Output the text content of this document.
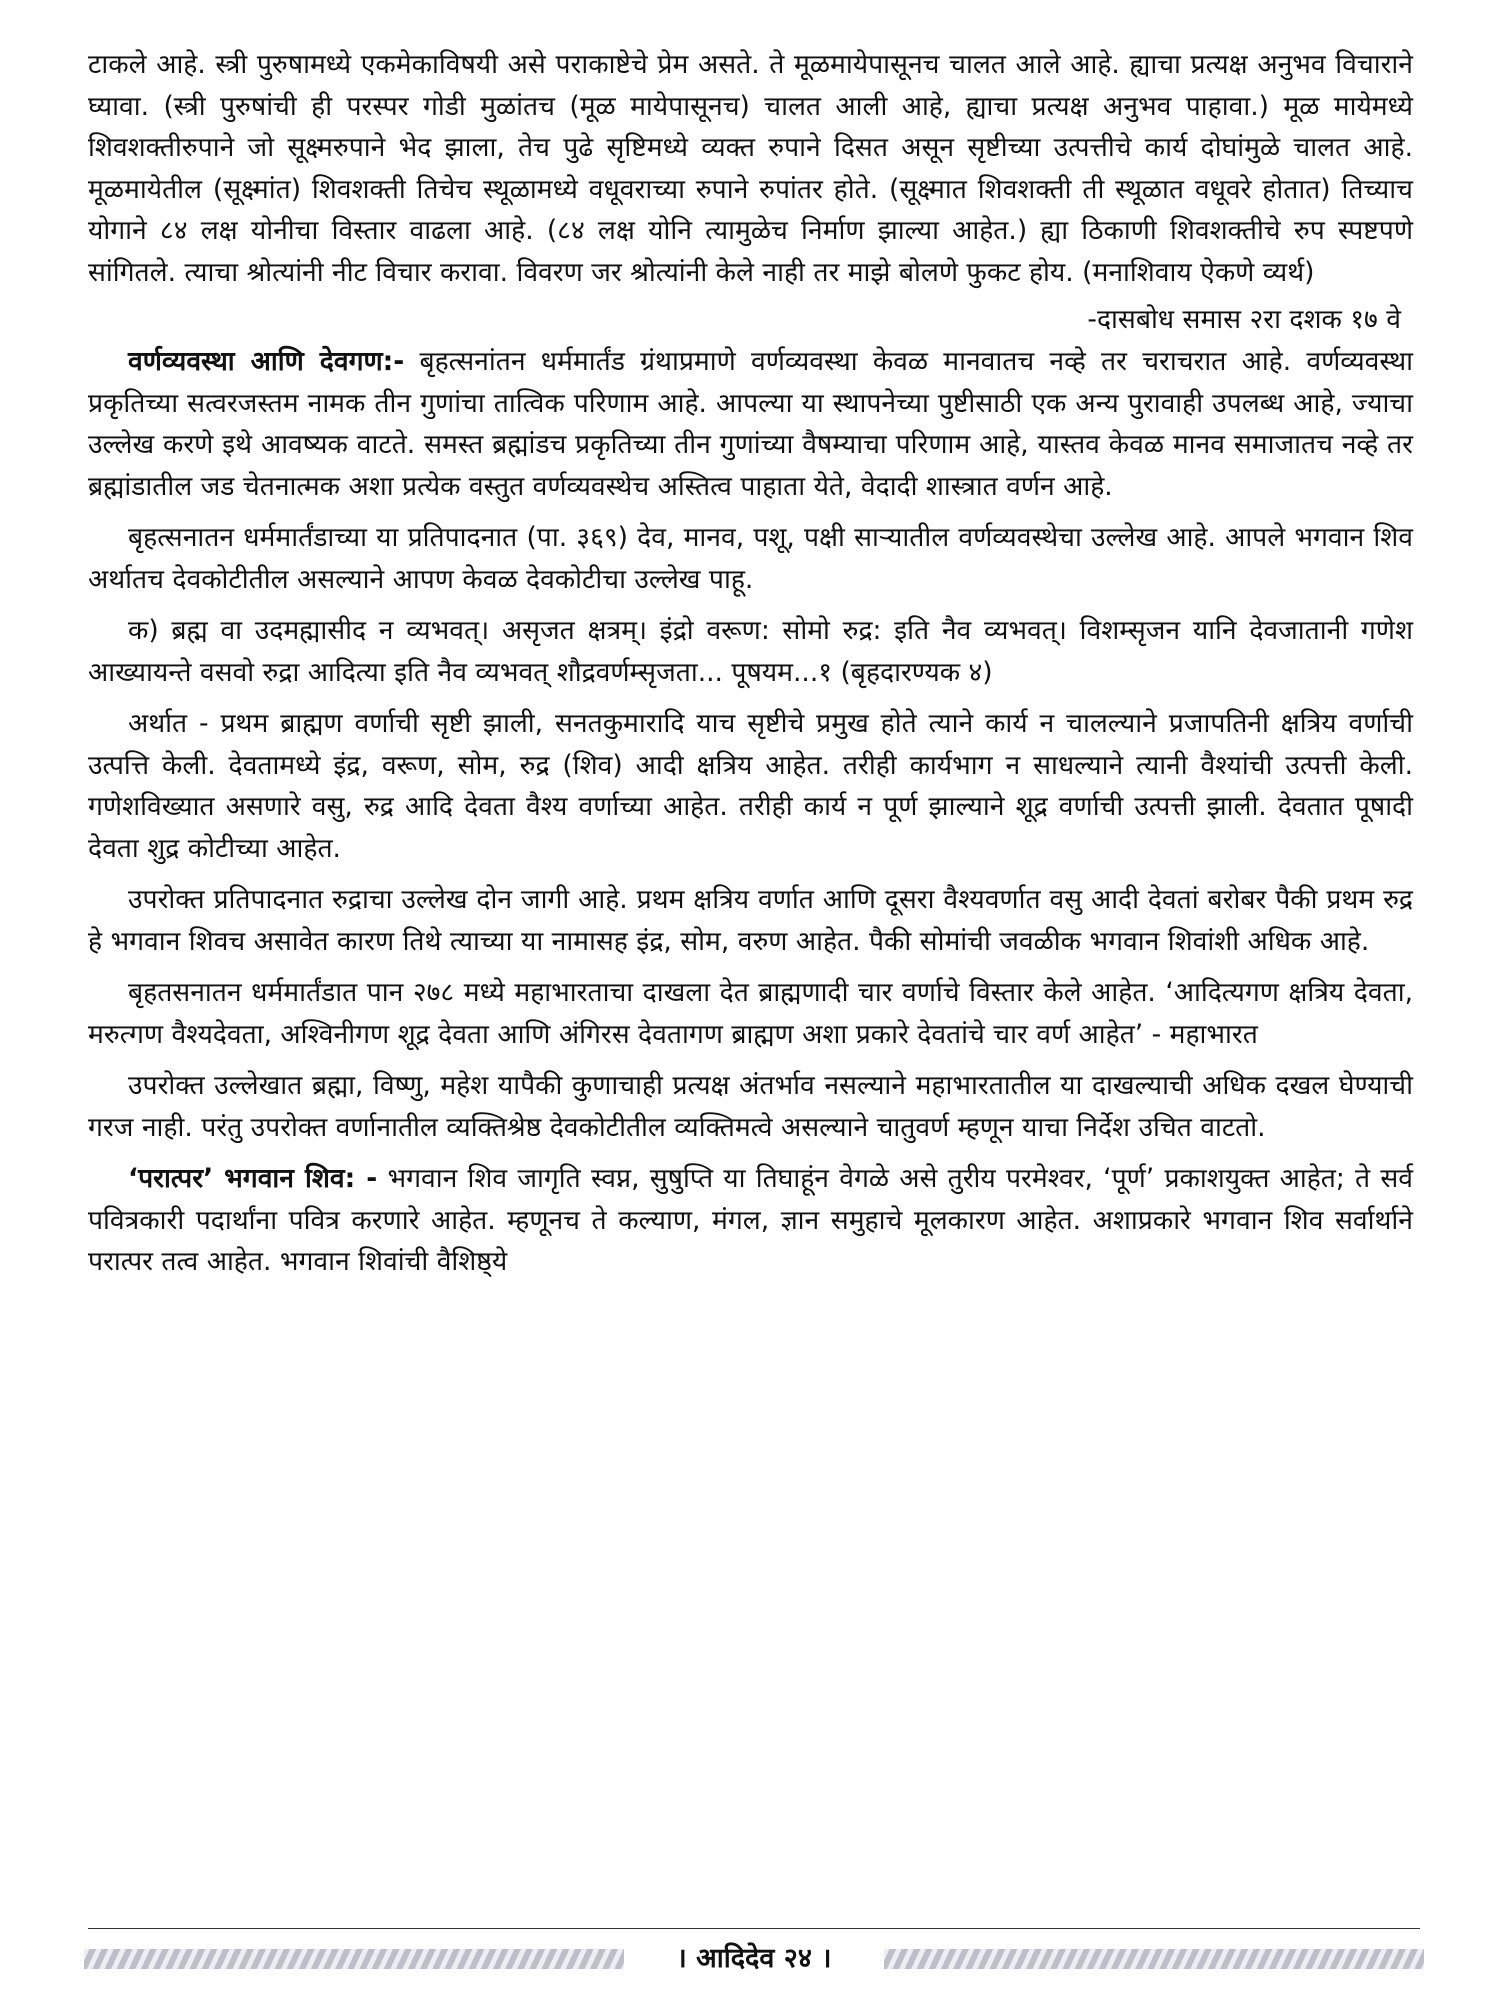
टाकले आहे. स्त्री पुरुषामध्ये एकमेकाविषयी असे पराकाष्टेचे प्रेम असते. ते मूळमायेपासूनच चालत आले आहे. ह्याचा प्रत्यक्ष अनुभव विचाराने घ्यावा. (स्त्री पुरुषांची ही परस्पर गोडी मुळांतच (मूळ मायेपासूनच) चालत आली आहे, ह्याचा प्रत्यक्ष अनुभव पाहावा.) मूळ मायेमध्ये शिवशक्तीरुपाने जो सूक्ष्मरुपाने भेद झाला, तेच पुढे सृष्टिमध्ये व्यक्त रुपाने दिसत असून सृष्टीच्या उत्पत्तीचे कार्य दोघांमुळे चालत आहे. मूळमायेतील (सूक्ष्मांत) शिवशक्ती तिचेच स्थूळामध्ये वधूवराच्या रुपाने रुपांतर होते. (सूक्ष्मात शिवशक्ती ती स्थूळात वधूवरे होतात) तिच्याच योगाने ८४ लक्ष योनीचा विस्तार वाढला आहे. (८४ लक्ष योनि त्यामुळेच निर्माण झाल्या आहेत.) ह्या ठिकाणी शिवशक्तीचे रुप स्पष्टपणे सांगितले. त्याचा श्रोत्यांनी नीट विचार करावा. विवरण जर श्रोत्यांनी केले नाही तर माझे बोलणे फुकट होय. (मनाशिवाय ऐकणे व्यर्थ)

-दासबोध समास २रा दशक १७ वे

वर्णव्यवस्था आणि देवगण:- बृहत्सनांतन धर्ममार्तंड ग्रंथाप्रमाणे वर्णव्यवस्था केवळ मानवातच नव्हे तर चराचरात आहे. वर्णव्यवस्था प्रकृतिच्या सत्वरजस्तम नामक तीन गुणांचा तात्विक परिणाम आहे. आपल्या या स्थापनेच्या पुष्टीसाठी एक अन्य पुरावाही उपलब्ध आहे, ज्याचा उल्लेख करणे इथे आवष्यक वाटते. समस्त ब्रह्मांडच प्रकृतिच्या तीन गुणांच्या वैषम्याचा परिणाम आहे, यास्तव केवळ मानव समाजातच नव्हे तर ब्रह्मांडातील जड चेतनात्मक अशा प्रत्येक वस्तुत वर्णव्यवस्थेच अस्तित्व पाहाता येते, वेदादी शास्त्रात वर्णन आहे.

बृहत्सनातन धर्ममार्तंडाच्या या प्रतिपादनात (पा. ३६९) देव, मानव, पशू, पक्षी साऱ्यातील वर्णव्यवस्थेचा उल्लेख आहे. आपले भगवान शिव अर्थातच देवकोटीतील असल्याने आपण केवळ देवकोटीचा उल्लेख पाहू.

क) ब्रह्म वा उदमह्मासीद न व्यभवत्। असृजत क्षत्रम्। इंद्रो वरूण: सोमो रुद्र: इति नैव व्यभवत्। विशम्सृजन यानि देवजातानी गणेश आख्यायन्ते वसवो रुद्रा आदित्या इति नैव व्यभवत् शौद्रवर्णम्सृजता... पूषयम...१ (बृहदारण्यक ४)

अर्थात - प्रथम ब्राह्मण वर्णाची सृष्टी झाली, सनतकुमारादि याच सृष्टीचे प्रमुख होते त्याने कार्य न चालल्याने प्रजापतिनी क्षत्रिय वर्णाची उत्पत्ति केली. देवतामध्ये इंद्र, वरूण, सोम, रुद्र (शिव) आदी क्षत्रिय आहेत. तरीही कार्यभाग न साधल्याने त्यानी वैश्यांची उत्पत्ती केली. गणेशविख्यात असणारे वसु, रुद्र आदि देवता वैश्य वर्णाच्या आहेत. तरीही कार्य न पूर्ण झाल्याने शूद्र वर्णाची उत्पत्ती झाली. देवतात पूषादी देवता शुद्र कोटीच्या आहेत.

उपरोक्त प्रतिपादनात रुद्राचा उल्लेख दोन जागी आहे. प्रथम क्षत्रिय वर्णात आणि दूसरा वैश्यवर्णात वसु आदी देवतां बरोबर पैकी प्रथम रुद्र हे भगवान शिवच असावेत कारण तिथे त्याच्या या नामासह इंद्र, सोम, वरुण आहेत. पैकी सोमांची जवळीक भगवान शिवांशी अधिक आहे.

बृहतसनातन धर्ममार्तंडात पान २७८ मध्ये महाभारताचा दाखला देत ब्राह्मणादी चार वर्णाचे विस्तार केले आहेत. ‘आदित्यगण क्षत्रिय देवता, मरुत्गण वैश्यदेवता, अश्विनीगण शूद्र देवता आणि अंगिरस देवतागण ब्राह्मण अशा प्रकारे देवतांचे चार वर्ण आहेत’ - महाभारत

उपरोक्त उल्लेखात ब्रह्मा, विष्णु, महेश यापैकी कुणाचाही प्रत्यक्ष अंतर्भाव नसल्याने महाभारतातील या दाखल्याची अधिक दखल घेण्याची गरज नाही. परंतु उपरोक्त वर्णानातील व्यक्तिश्रेष्ठ देवकोटीतील व्यक्तिमत्वे असल्याने चातुवर्ण म्हणून याचा निर्देश उचित वाटतो.

‘परात्पर’ भगवान शिव: - भगवान शिव जागृति स्वप्न, सुषुप्ति या तिघाहूंन वेगळे असे तुरीय परमेश्वर, ‘पूर्ण’ प्रकाशयुक्त आहेत; ते सर्व पवित्रकारी पदार्थांना पवित्र करणारे आहेत. म्हणूनच ते कल्याण, मंगल, ज्ञान समुहाचे मूलकारण आहेत. अशाप्रकारे भगवान शिव सर्वार्थाने परात्पर तत्व आहेत. भगवान शिवांची वैशिष्ठ्ये

। आदिदेव २४ ।
